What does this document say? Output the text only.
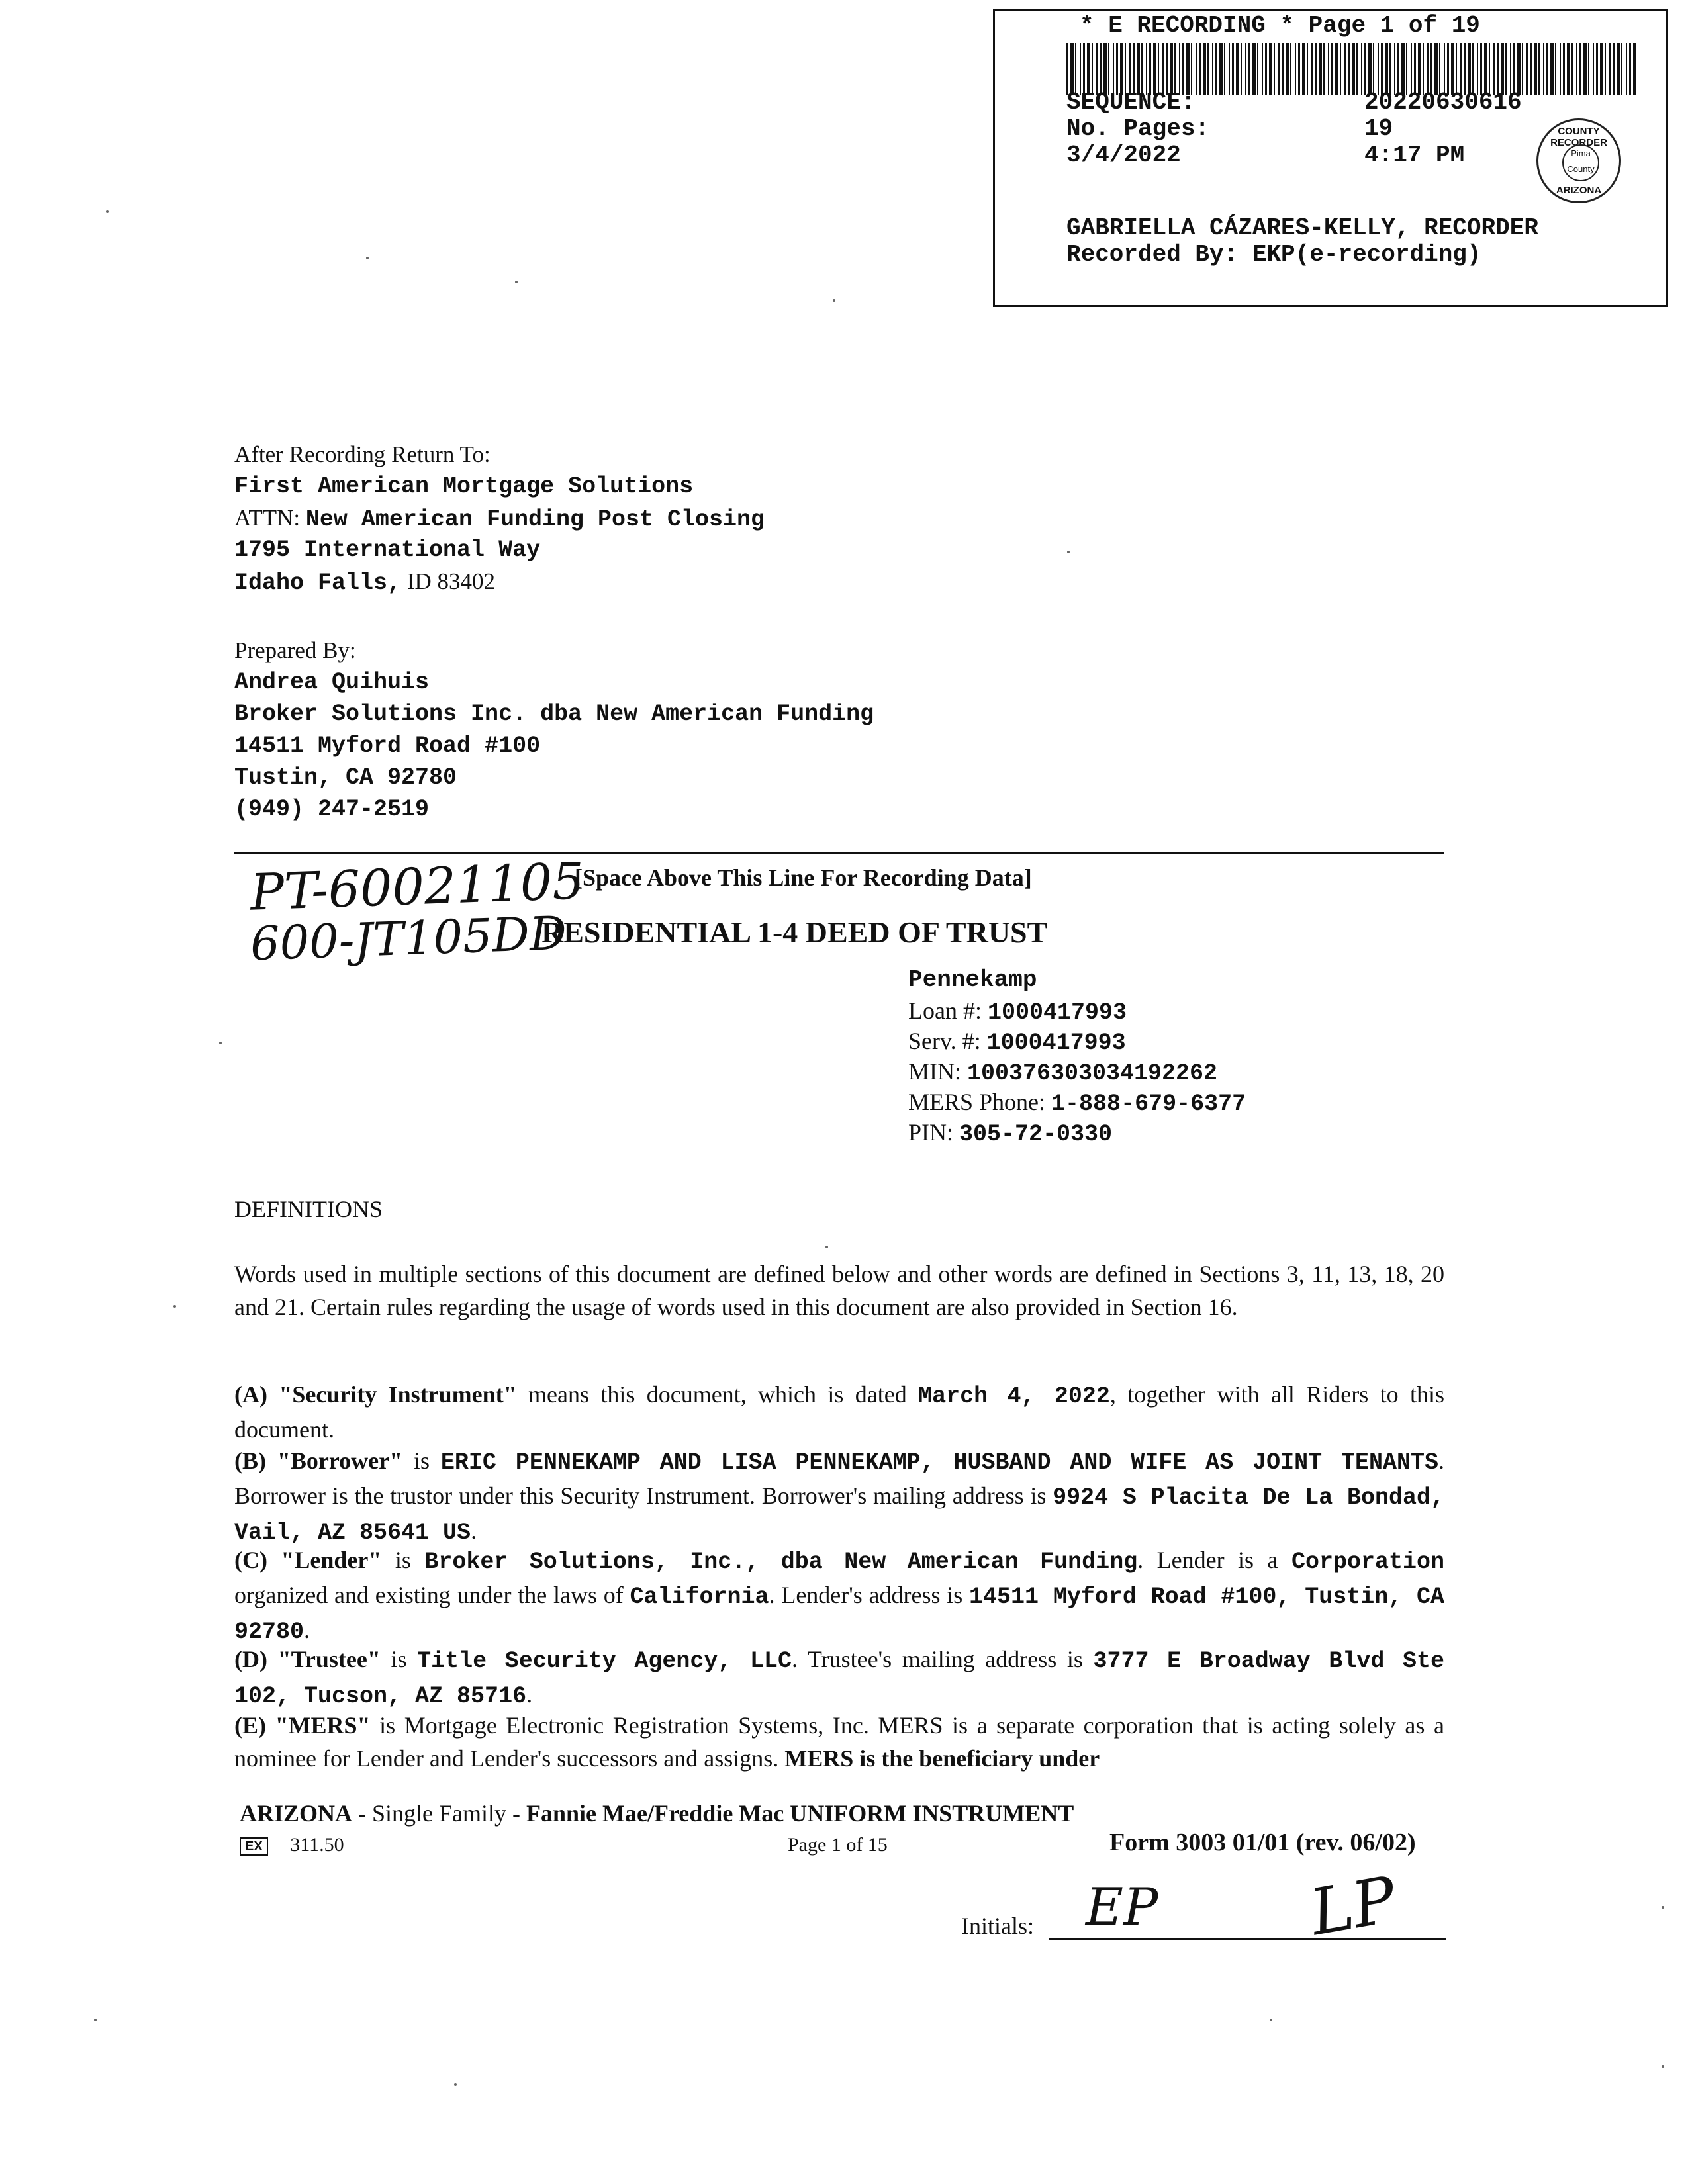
* E RECORDING * Page 1 of 19
SEQUENCE:	20220630616
No. Pages:	19
3/4/2022	4:17 PM
COUNTY RECORDER
Pima
County
ARIZONA
GABRIELLA CÁZARES-KELLY, RECORDER
Recorded By: EKP(e-recording)
After Recording Return To:
First American Mortgage Solutions
ATTN: New American Funding Post Closing
1795 International Way
Idaho Falls, ID 83402
Prepared By:
Andrea Quihuis
Broker Solutions Inc. dba New American Funding
14511 Myford Road #100
Tustin, CA 92780
(949) 247-2519
PT-60021105
600-JT105DD
[Space Above This Line For Recording Data]
RESIDENTIAL 1-4 DEED OF TRUST
Pennekamp
Loan #: 1000417993
Serv. #: 1000417993
MIN: 100376303034192262
MERS Phone: 1-888-679-6377
PIN: 305-72-0330
DEFINITIONS

Words used in multiple sections of this document are defined below and other words are defined in Sections 3, 11, 13, 18, 20 and 21. Certain rules regarding the usage of words used in this document are also provided in Section 16.

(A) "Security Instrument" means this document, which is dated March 4, 2022, together with all Riders to this document.

(B) "Borrower" is ERIC PENNEKAMP AND LISA PENNEKAMP, HUSBAND AND WIFE AS JOINT TENANTS. Borrower is the trustor under this Security Instrument. Borrower's mailing address is 9924 S Placita De La Bondad, Vail, AZ 85641 US.

(C) "Lender" is Broker Solutions, Inc., dba New American Funding. Lender is a Corporation organized and existing under the laws of California. Lender's address is 14511 Myford Road #100, Tustin, CA 92780.

(D) "Trustee" is Title Security Agency, LLC. Trustee's mailing address is 3777 E Broadway Blvd Ste 102, Tucson, AZ 85716.

(E) "MERS" is Mortgage Electronic Registration Systems, Inc. MERS is a separate corporation that is acting solely as a nominee for Lender and Lender's successors and assigns. MERS is the beneficiary under

ARIZONA - Single Family - Fannie Mae/Freddie Mac UNIFORM INSTRUMENT
EX 311.50	Page 1 of 15	Form 3003 01/01 (rev. 06/02)
Initials: EP LP
